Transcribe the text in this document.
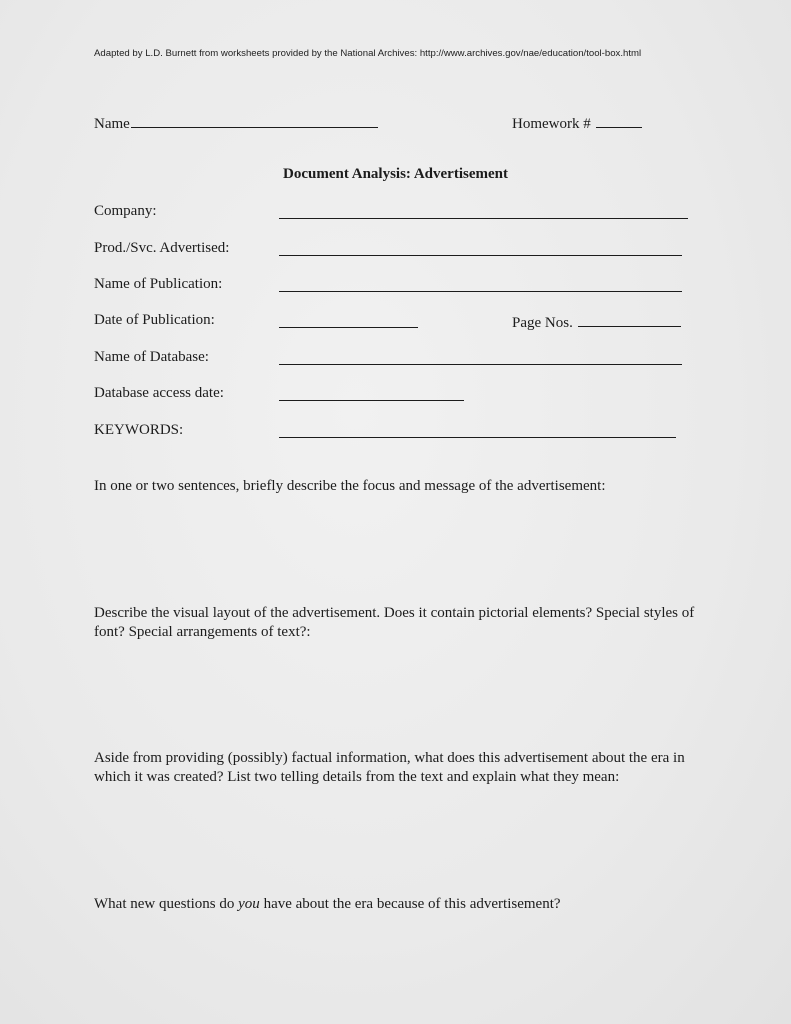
Adapted by L.D. Burnett from worksheets provided by the National Archives: http://www.archives.gov/nae/education/tool-box.html
Name	Homework #
Document Analysis: Advertisement
Company:
Prod./Svc. Advertised:
Name of Publication:
Date of Publication:	Page Nos.
Name of Database:
Database access date:
KEYWORDS:
In one or two sentences, briefly describe the focus and message of the advertisement:
Describe the visual layout of the advertisement. Does it contain pictorial elements? Special styles of font? Special arrangements of text?:
Aside from providing (possibly) factual information, what does this advertisement about the era in which it was created? List two telling details from the text and explain what they mean:
What new questions do you have about the era because of this advertisement?
